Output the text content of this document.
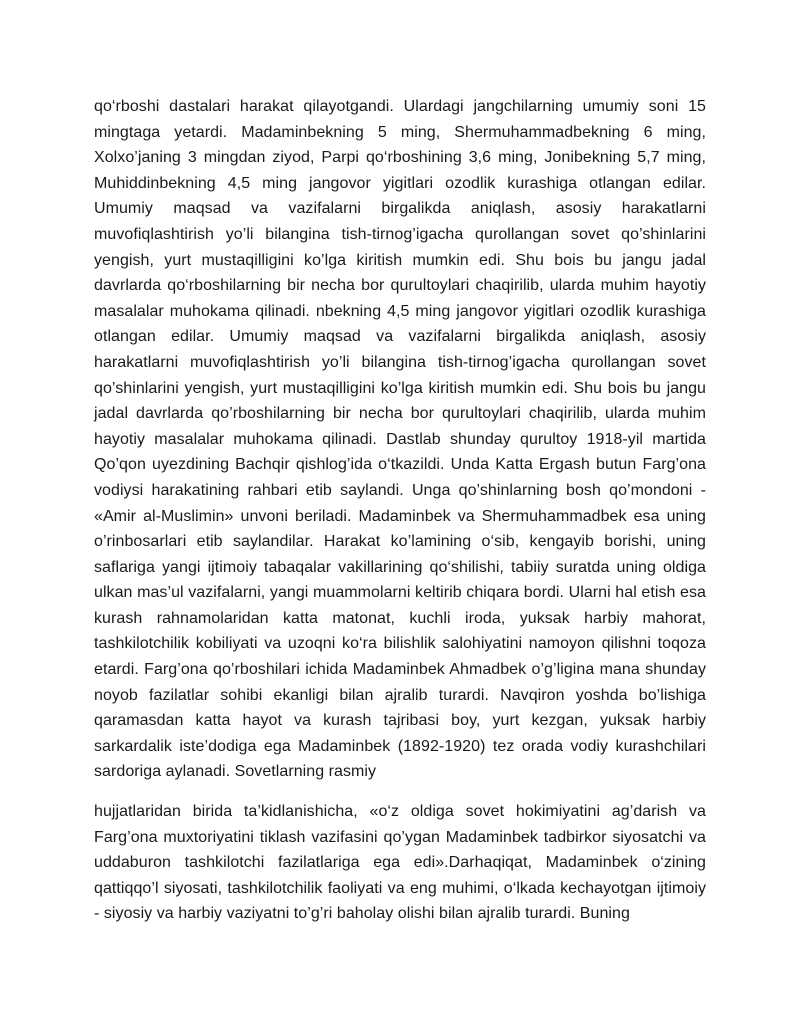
qo‘rboshi dastalari harakat qilayotgandi. Ulardagi jangchilarning umumiy soni 15 mingtaga yetardi. Madaminbekning 5 ming, Shermuhammadbekning 6 ming, Xolxo’janing 3 mingdan ziyod, Parpi qo‘rboshining 3,6 ming, Jonibekning 5,7 ming, Muhiddinbekning 4,5 ming jangovor yigitlari ozodlik kurashiga otlangan edilar. Umumiy maqsad va vazifalarni birgalikda aniqlash, asosiy harakatlarni muvofiqlashtirish yo’li bilangina tish-tirnog’igacha qurollangan sovet qo’shinlarini yengish, yurt mustaqilligini ko’lga kiritish mumkin edi. Shu bois bu jangu jadal davrlarda qo‘rboshilarning bir necha bor qurultoylari chaqirilib, ularda muhim hayotiy masalalar muhokama qilinadi. nbekning 4,5 ming jangovor yigitlari ozodlik kurashiga otlangan edilar. Umumiy maqsad va vazifalarni birgalikda aniqlash, asosiy harakatlarni muvofiqlashtirish yo’li bilangina tish-tirnog’igacha qurollangan sovet qo’shinlarini yengish, yurt mustaqilligini ko’lga kiritish mumkin edi. Shu bois bu jangu jadal davrlarda qo’rboshilarning bir necha bor qurultoylari chaqirilib, ularda muhim hayotiy masalalar muhokama qilinadi. Dastlab shunday qurultoy 1918-yil martida Qo’qon uyezdining Bachqir qishlog’ida o‘tkazildi. Unda Katta Ergash butun Farg’ona vodiysi harakatining rahbari etib saylandi. Unga qo’shinlarning bosh qo’mondoni - «Amir al-Muslimin» unvoni beriladi. Madaminbek va Shermuhammadbek esa uning o’rinbosarlari etib saylandilar. Harakat ko’lamining o‘sib, kengayib borishi, uning saflariga yangi ijtimoiy tabaqalar vakillarining qo‘shilishi, tabiiy suratda uning oldiga ulkan mas’ul vazifalarni, yangi muammolarni keltirib chiqara bordi. Ularni hal etish esa kurash rahnamolaridan katta matonat, kuchli iroda, yuksak harbiy mahorat, tashkilotchilik kobiliyati va uzoqni ko‘ra bilishlik salohiyatini namoyon qilishni toqoza etardi. Farg’ona qo’rboshilari ichida Madaminbek Ahmadbek o’g’ligina mana shunday noyob fazilatlar sohibi ekanligi bilan ajralib turardi. Navqiron yoshda bo’lishiga qaramasdan katta hayot va kurash tajribasi boy, yurt kezgan, yuksak harbiy sarkardalik iste’dodiga ega Madaminbek (1892-1920) tez orada vodiy kurashchilari sardoriga aylanadi. Sovetlarning rasmiy

hujjatlaridan birida ta’kidlanishicha, «o‘z oldiga sovet hokimiyatini ag’darish va Farg’ona muxtoriyatini tiklash vazifasini qo’ygan Madaminbek tadbirkor siyosatchi va uddaburon tashkilotchi fazilatlariga ega edi».Darhaqiqat, Madaminbek o‘zining qattiqqo’l siyosati, tashkilotchilik faoliyati va eng muhimi, o‘lkada kechayotgan ijtimoiy - siyosiy va harbiy vaziyatni to’g’ri baholay olishi bilan ajralib turardi. Buning
